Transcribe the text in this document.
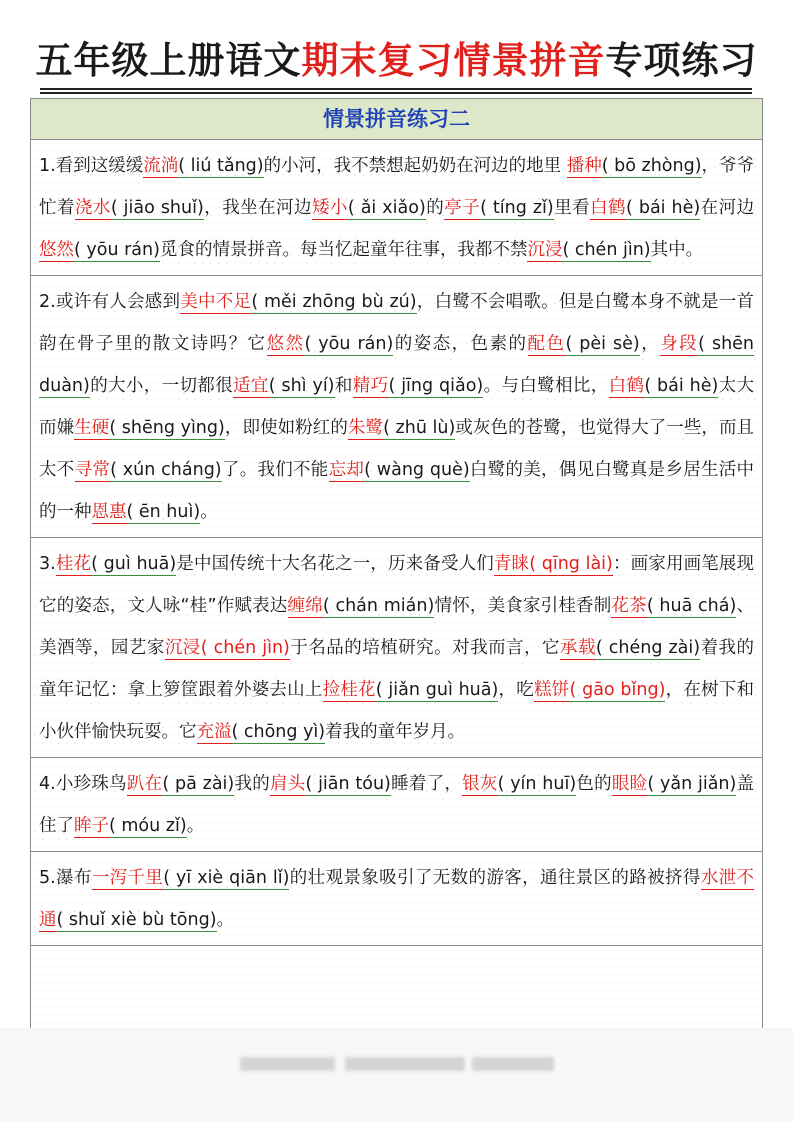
五年级上册语文期末复习情景拼音专项练习
情景拼音练习二

1.看到这缓缓流淌( liú tǎng)的小河，我不禁想起奶奶在河边的地里 播种( bō zhòng)，爷爷忙着浇水( jiāo shuǐ)，我坐在河边矮小( ǎi xiǎo)的亭子( tíng zǐ)里看白鹤( bái hè)在河边悠然( yōu rán)觅食的情景拼音。每当忆起童年往事，我都不禁沉浸( chén jìn)其中。

2.或许有人会感到美中不足( měi zhōng bù zú)，白鹭不会唱歌。但是白鹭本身不就是一首韵在骨子里的散文诗吗？它悠然( yōu rán)的姿态，色素的配色( pèi sè)，身段( shēn duàn)的大小，一切都很适宜( shì yí)和精巧( jīng qiǎo)。与白鹭相比，白鹤( bái hè)太大而嫌生硬( shēng yìng)，即使如粉红的朱鹭( zhū lù)或灰色的苍鹭，也觉得大了一些，而且太不寻常( xún cháng)了。我们不能忘却( wàng què)白鹭的美，偶见白鹭真是乡居生活中的一种恩惠( ēn huì)。

3.桂花( guì huā)是中国传统十大名花之一，历来备受人们青睐( qīng lài)：画家用画笔展现它的姿态，文人咏“桂”作赋表达缠绵( chán mián)情怀，美食家引桂香制花茶( huā chá)、美酒等，园艺家沉浸( chén jìn)于名品的培植研究。对我而言，它承载( chéng zài)着我的童年记忆：拿上箩筐跟着外婆去山上捡桂花( jiǎn guì huā)，吃糕饼( gāo bǐng)，在树下和小伙伴愉快玩耍。它充溢( chōng yì)着我的童年岁月。

4.小珍珠鸟趴在( pā zài)我的肩头( jiān tóu)睡着了，银灰( yín huī)色的眼睑( yǎn jiǎn)盖住了眸子( móu zǐ)。

5.瀑布一泻千里( yī xiè qiān lǐ)的壮观景象吸引了无数的游客，通往景区的路被挤得水泄不通( shuǐ xiè bù tōng)。
